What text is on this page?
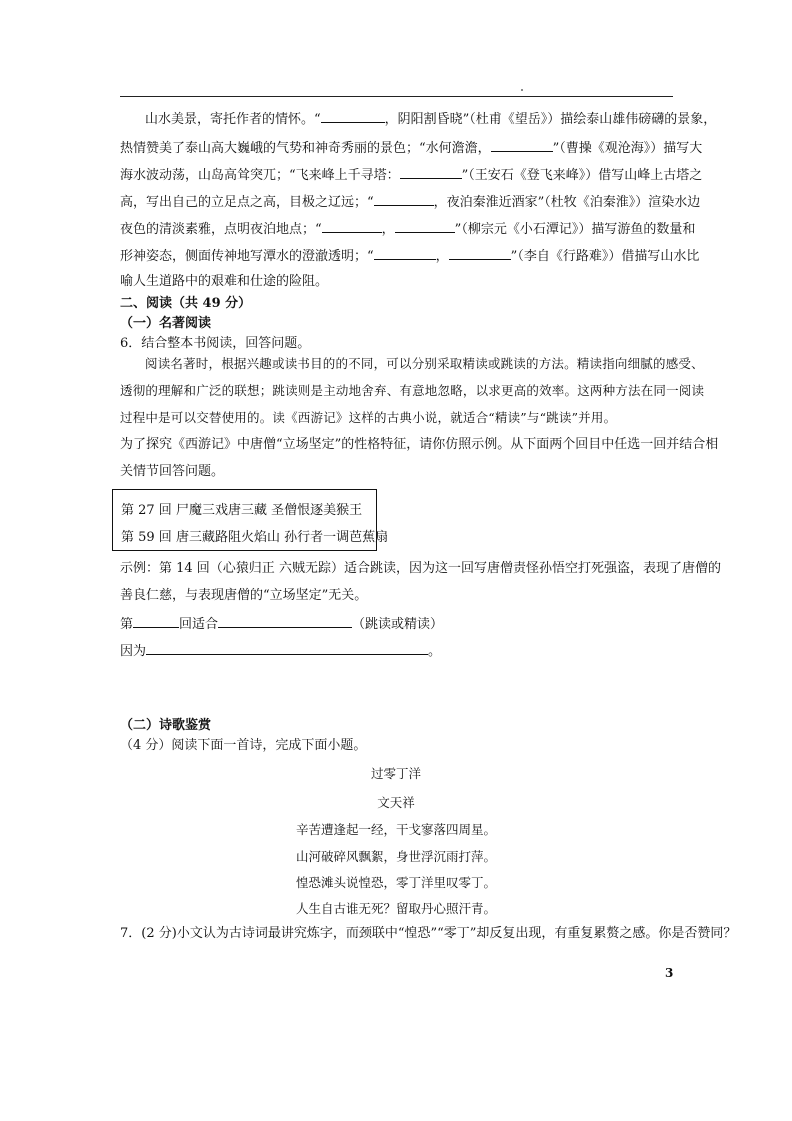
山水美景，寄托作者的情怀。“	，阴阳割昏晓”（杜甫《望岳》）描绘泰山雄伟磅礴的景象，
热情赞美了泰山高大巍峨的气势和神奇秀丽的景色；“水何澹澹，	”（曹操《观沧海》）描写大
海水波动荡，山岛高耸突兀；“飞来峰上千寻塔：	”（王安石《登飞来峰》）借写山峰上古塔之
高，写出自己的立足点之高，目极之辽远；“	，夜泊秦淮近酒家”（杜牧《泊秦淮》）渲染水边
夜色的清淡素雅，点明夜泊地点；“	，	”（柳宗元《小石潭记》）描写游鱼的数量和
形神姿态，侧面传神地写潭水的澄澈透明；“	，	”（李自《行路难》）借描写山水比
喻人生道路中的艰难和仕途的险阻。
二、阅读（共 49 分）
（一）名著阅读
6．结合整本书阅读，回答问题。
阅读名著时，根据兴趣或读书目的的不同，可以分别采取精读或跳读的方法。精读指向细腻的感受、
透彻的理解和广泛的联想；跳读则是主动地舍弃、有意地忽略，以求更高的效率。这两种方法在同一阅读
过程中是可以交替使用的。读《西游记》这样的古典小说，就适合“精读”与“跳读”并用。
为了探究《西游记》中唐僧“立场坚定”的性格特征，请你仿照示例。从下面两个回目中任选一回并结合相
关情节回答问题。
第 27 回 尸魔三戏唐三藏 圣僧恨逐美猴王
第 59 回 唐三藏路阻火焰山 孙行者一调芭蕉扇
示例：第 14 回（心猿归正 六贼无踪）适合跳读，因为这一回写唐僧责怪孙悟空打死强盗，表现了唐僧的
善良仁慈，与表现唐僧的“立场坚定”无关。
第	回适合	（跳读或精读）
因为	。
（二）诗歌鉴赏
（4 分）阅读下面一首诗，完成下面小题。
过零丁洋
文天祥
辛苦遭逢起一经，干戈寥落四周星。
山河破碎风飘絮，身世浮沉雨打萍。
惶恐滩头说惶恐，零丁洋里叹零丁。
人生自古谁无死？留取丹心照汗青。
7．(2 分)小文认为古诗词最讲究炼字，而颈联中“惶恐”“零丁”却反复出现，有重复累赘之感。你是否赞同？
3
